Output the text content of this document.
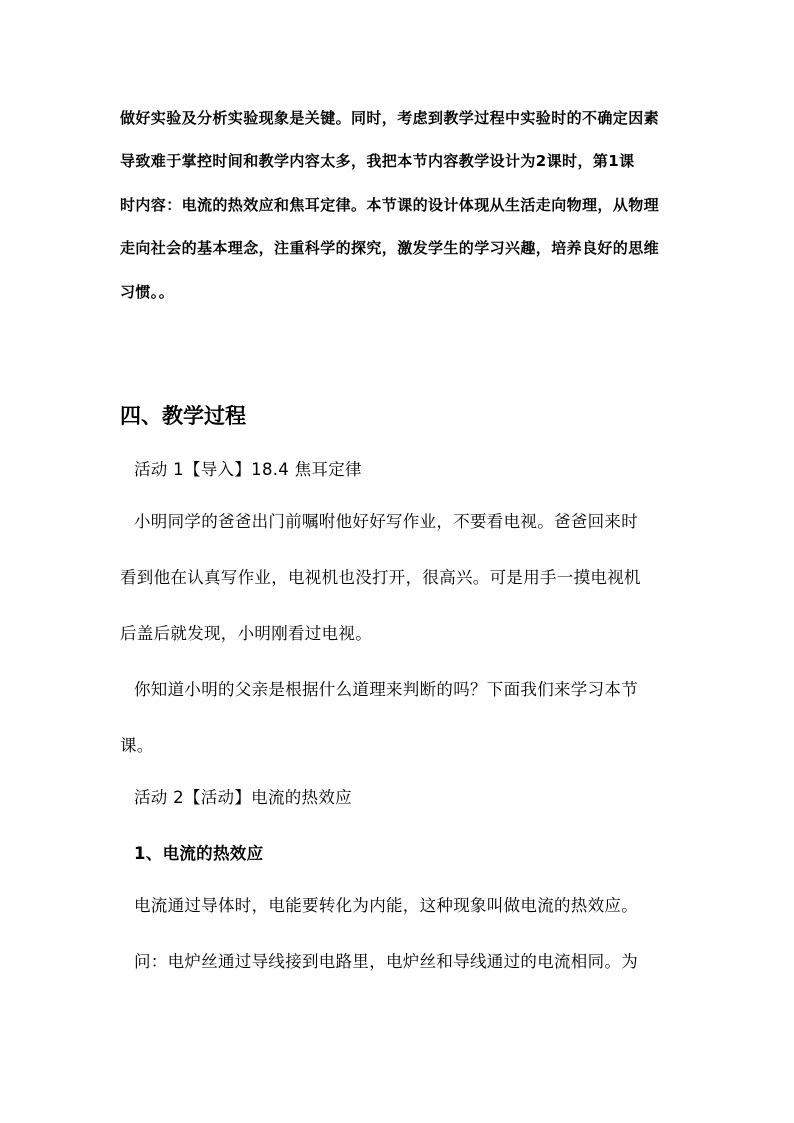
做好实验及分析实验现象是关键。同时，考虑到教学过程中实验时的不确定因素

导致难于掌控时间和教学内容太多，我把本节内容教学设计为2课时，第1课

时内容：电流的热效应和焦耳定律。本节课的设计体现从生活走向物理，从物理

走向社会的基本理念，注重科学的探究，激发学生的学习兴趣，培养良好的思维

习惯。。

四、教学过程

活动 1【导入】18.4 焦耳定律

小明同学的爸爸出门前嘱咐他好好写作业，不要看电视。爸爸回来时

看到他在认真写作业，电视机也没打开，很高兴。可是用手一摸电视机

后盖后就发现，小明刚看过电视。

你知道小明的父亲是根据什么道理来判断的吗？下面我们来学习本节

课。

活动 2【活动】电流的热效应

1、电流的热效应

电流通过导体时，电能要转化为内能，这种现象叫做电流的热效应。

问：电炉丝通过导线接到电路里，电炉丝和导线通过的电流相同。为
